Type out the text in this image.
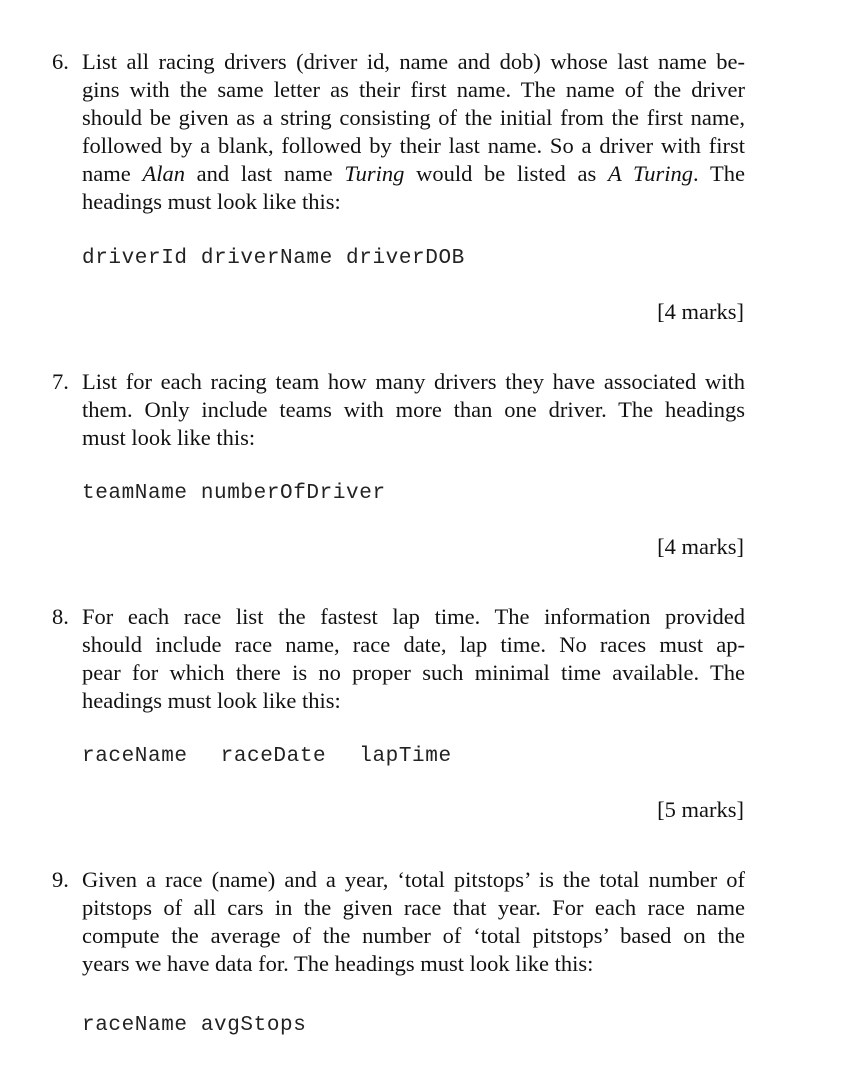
6. List all racing drivers (driver id, name and dob) whose last name be-
gins with the same letter as their first name. The name of the driver
should be given as a string consisting of the initial from the first name,
followed by a blank, followed by their last name. So a driver with first
name Alan and last name Turing would be listed as A Turing. The
headings must look like this:
driverId driverName driverDOB
[4 marks]
7. List for each racing team how many drivers they have associated with
them. Only include teams with more than one driver. The headings
must look like this:
teamName numberOfDriver
[4 marks]
8. For each race list the fastest lap time. The information provided
should include race name, race date, lap time. No races must ap-
pear for which there is no proper such minimal time available. The
headings must look like this:
raceName raceDate lapTime
[5 marks]
9. Given a race (name) and a year, ‘total pitstops’ is the total number of
pitstops of all cars in the given race that year. For each race name
compute the average of the number of ‘total pitstops’ based on the
years we have data for. The headings must look like this:
raceName avgStops
